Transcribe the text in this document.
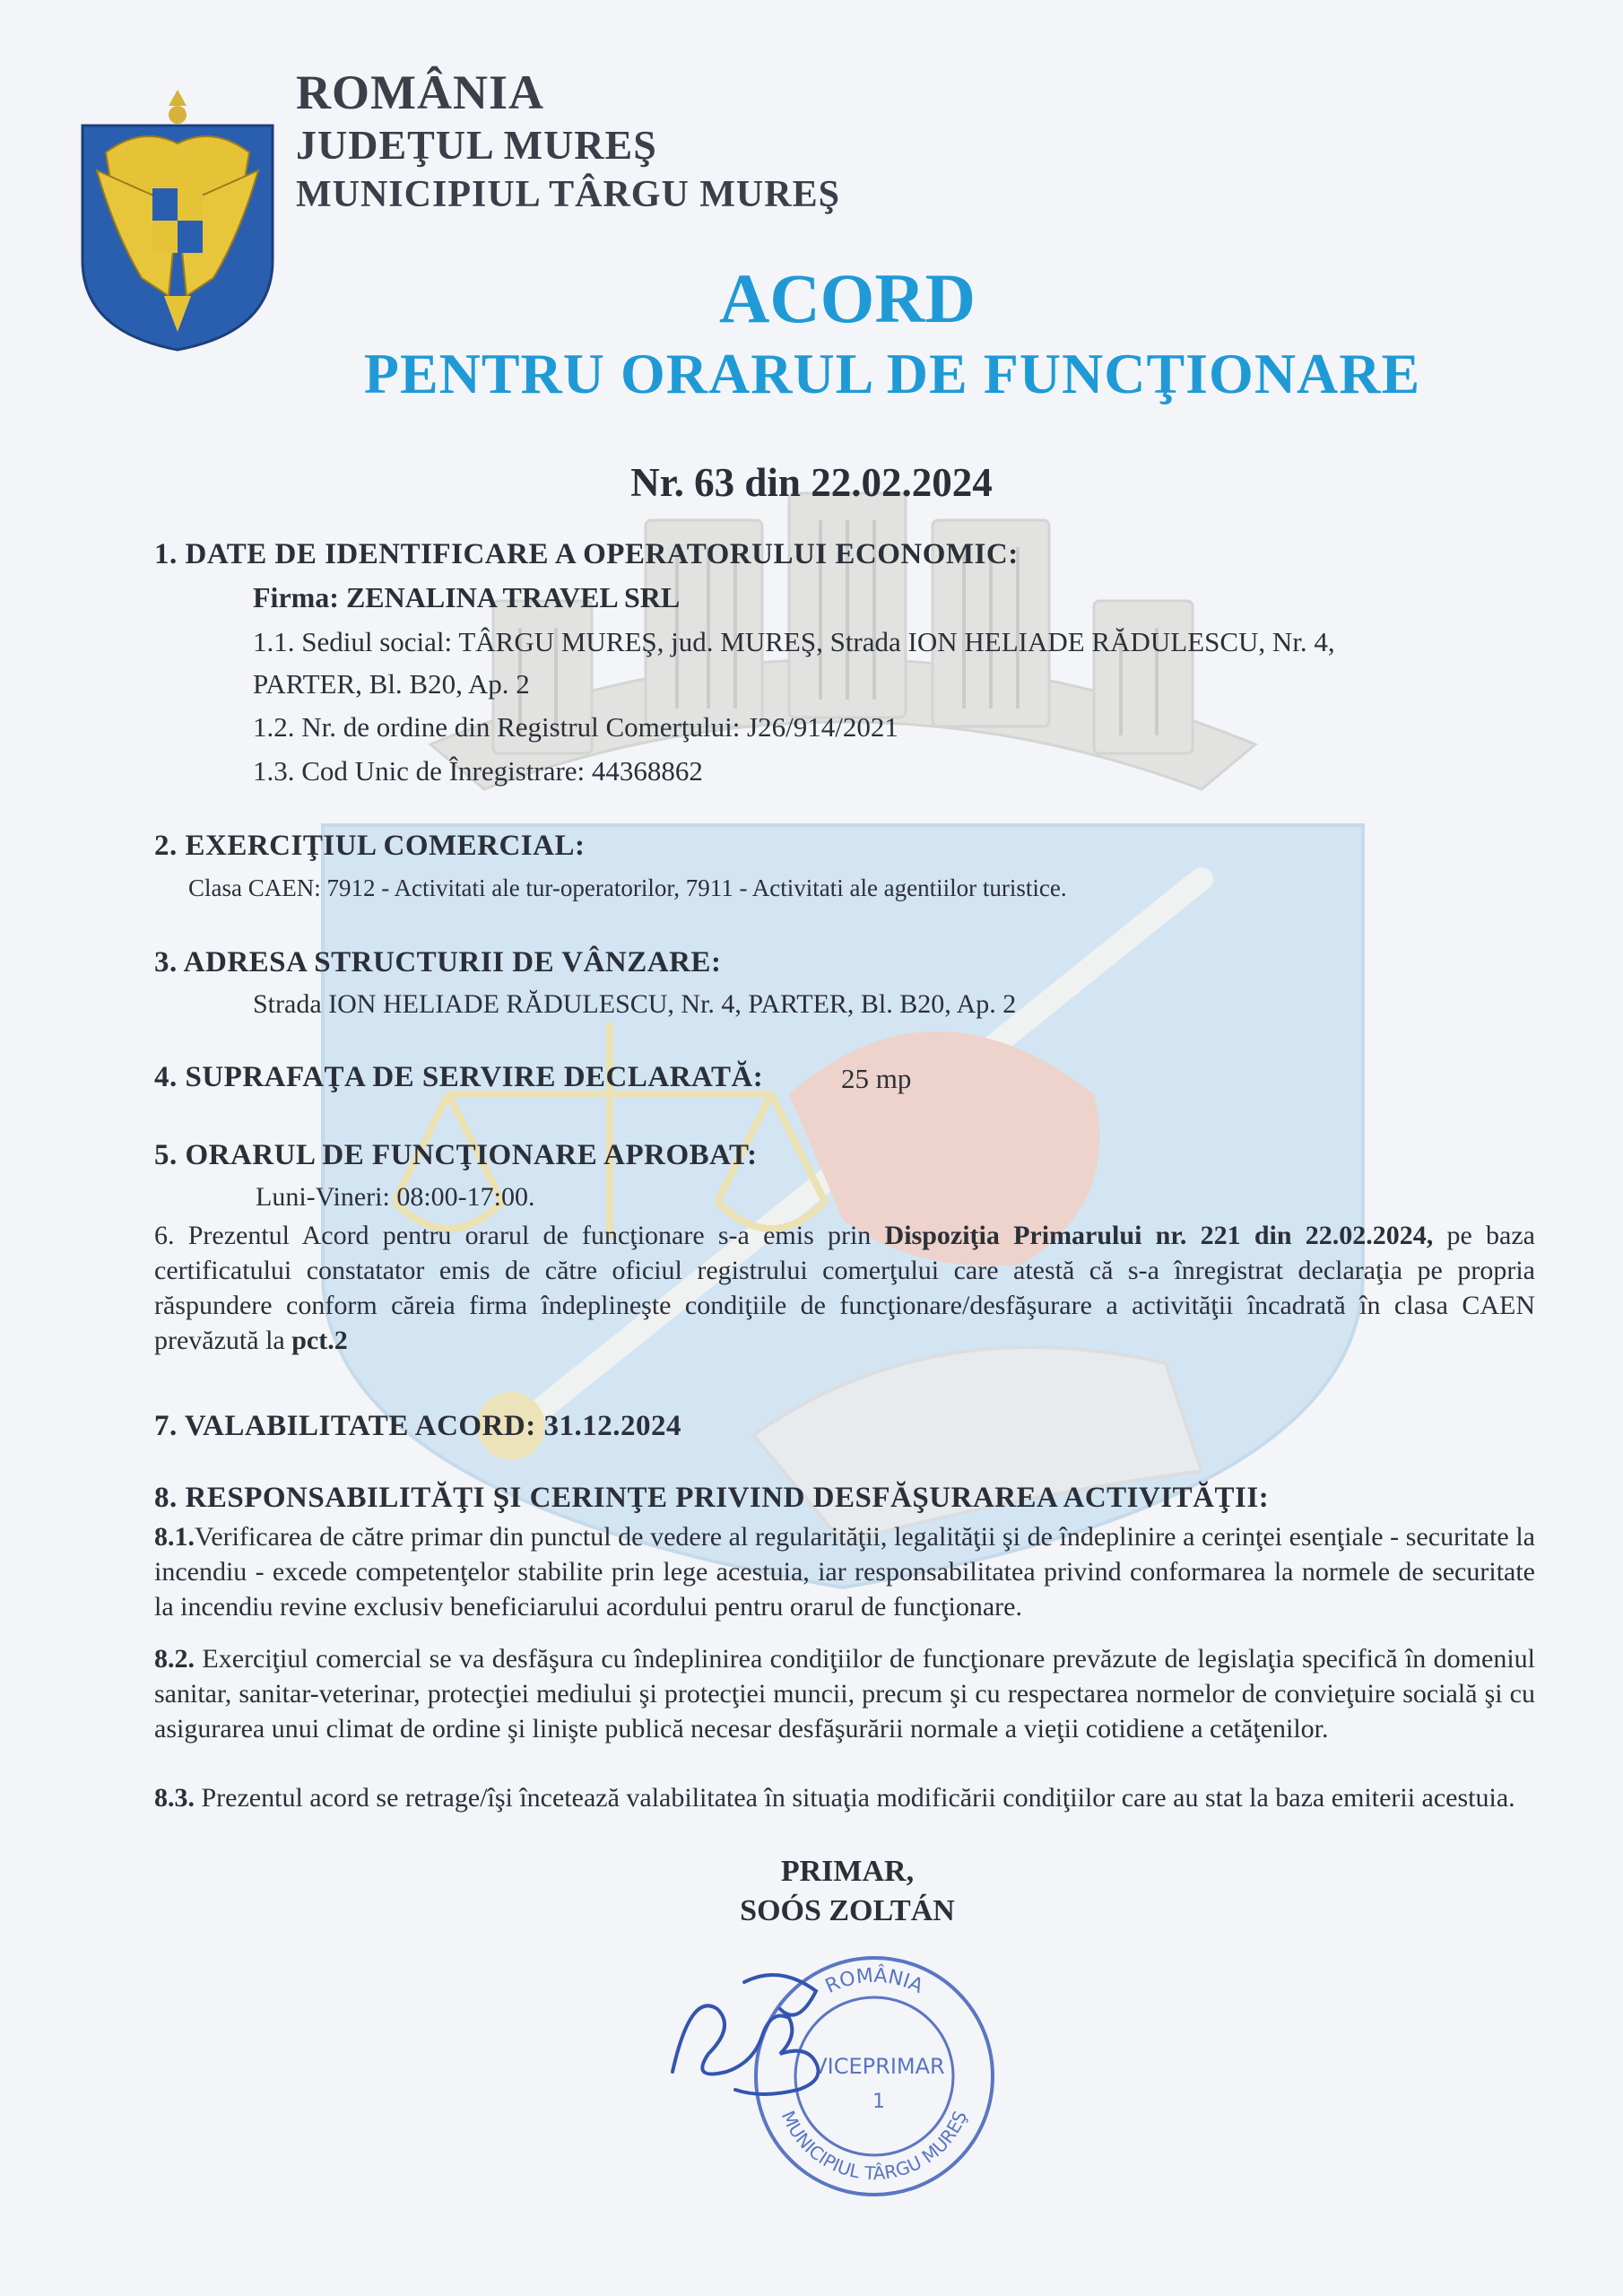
ROMÂNIA
JUDEŢUL MUREŞ
MUNICIPIUL TÂRGU MUREŞ
ACORD
PENTRU ORARUL DE FUNCŢIONARE
Nr. 63 din 22.02.2024
1. DATE DE IDENTIFICARE A OPERATORULUI ECONOMIC:
Firma: ZENALINA TRAVEL SRL
1.1. Sediul social: TÂRGU MUREŞ, jud. MUREŞ, Strada ION HELIADE RĂDULESCU, Nr. 4,
PARTER, Bl. B20, Ap. 2
1.2. Nr. de ordine din Registrul Comerţului: J26/914/2021
1.3. Cod Unic de Înregistrare: 44368862
2. EXERCIŢIUL COMERCIAL:
Clasa CAEN: 7912 - Activitati ale tur-operatorilor, 7911 - Activitati ale agentiilor turistice.
3. ADRESA STRUCTURII DE VÂNZARE:
Strada ION HELIADE RĂDULESCU, Nr. 4, PARTER, Bl. B20, Ap. 2
4. SUPRAFAŢA DE SERVIRE DECLARATĂ:	25 mp
5. ORARUL DE FUNCŢIONARE APROBAT:
Luni-Vineri: 08:00-17:00.
6. Prezentul Acord pentru orarul de funcţionare s-a emis prin Dispoziţia Primarului nr. 221 din 22.02.2024, pe baza certificatului constatator emis de către oficiul registrului comerţului care atestă că s-a înregistrat declaraţia pe propria răspundere conform căreia firma îndeplineşte condiţiile de funcţionare/desfăşurare a activităţii încadrată în clasa CAEN prevăzută la pct.2
7. VALABILITATE ACORD: 31.12.2024
8. RESPONSABILITĂŢI ŞI CERINŢE PRIVIND DESFĂŞURAREA ACTIVITĂŢII:
8.1.Verificarea de către primar din punctul de vedere al regularităţii, legalităţii şi de îndeplinire a cerinţei esenţiale - securitate la incendiu - excede competenţelor stabilite prin lege acestuia, iar responsabilitatea privind conformarea la normele de securitate la incendiu revine exclusiv beneficiarului acordului pentru orarul de funcţionare.
8.2. Exerciţiul comercial se va desfăşura cu îndeplinirea condiţiilor de funcţionare prevăzute de legislaţia specifică în domeniul sanitar, sanitar-veterinar, protecţiei mediului şi protecţiei muncii, precum şi cu respectarea normelor de convieţuire socială şi cu asigurarea unui climat de ordine şi linişte publică necesar desfăşurării normale a vieţii cotidiene a cetăţenilor.
8.3. Prezentul acord se retrage/îşi încetează valabilitatea în situaţia modificării condiţiilor care au stat la baza emiterii acestuia.
PRIMAR,
SOÓS ZOLTÁN
ROMÂNIA
MUNICIPIUL TÂRGU MUREŞ
VICEPRIMAR
1
